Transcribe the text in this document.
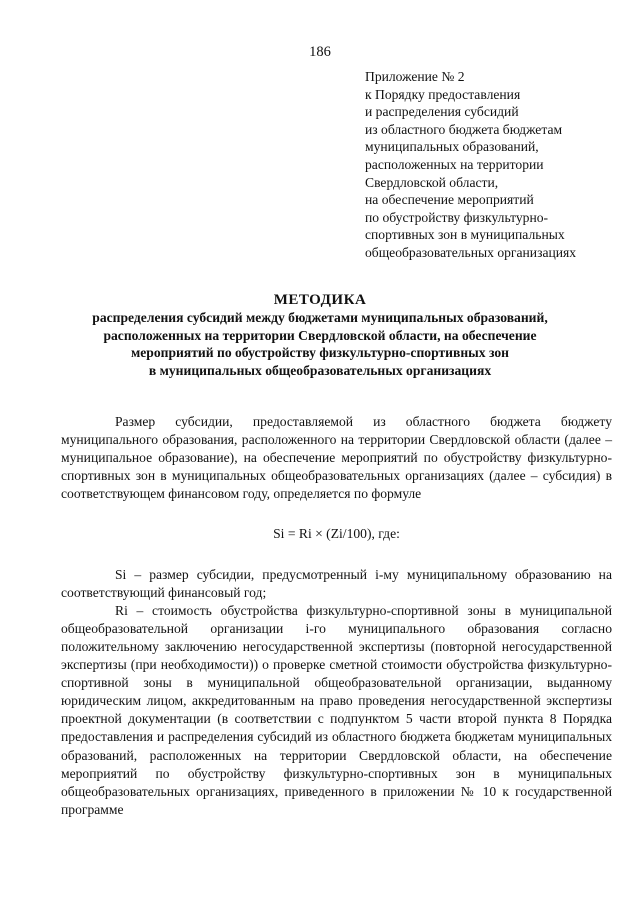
186
Приложение № 2
к Порядку предоставления
и распределения субсидий
из областного бюджета бюджетам
муниципальных образований,
расположенных на территории
Свердловской области,
на обеспечение мероприятий
по обустройству физкультурно-
спортивных зон в муниципальных
общеобразовательных организациях
МЕТОДИКА
распределения субсидий между бюджетами муниципальных образований,
расположенных на территории Свердловской области, на обеспечение
мероприятий по обустройству физкультурно-спортивных зон
в муниципальных общеобразовательных организациях

Размер субсидии, предоставляемой из областного бюджета бюджету муниципального образования, расположенного на территории Свердловской области (далее – муниципальное образование), на обеспечение мероприятий по обустройству физкультурно-спортивных зон в муниципальных общеобразовательных организациях (далее – субсидия) в соответствующем финансовом году, определяется по формуле

Si = Ri × (Zi/100), где:

Si – размер субсидии, предусмотренный i-му муниципальному образованию на соответствующий финансовый год;

Ri – стоимость обустройства физкультурно-спортивной зоны в муниципальной общеобразовательной организации i-го муниципального образования согласно положительному заключению негосударственной экспертизы (повторной негосударственной экспертизы (при необходимости)) о проверке сметной стоимости обустройства физкультурно-спортивной зоны в муниципальной общеобразовательной организации, выданному юридическим лицом, аккредитованным на право проведения негосударственной экспертизы проектной документации (в соответствии с подпунктом 5 части второй пункта 8 Порядка предоставления и распределения субсидий из областного бюджета бюджетам муниципальных образований, расположенных на территории Свердловской области, на обеспечение мероприятий по обустройству физкультурно-спортивных зон в муниципальных общеобразовательных организациях, приведенного в приложении № 10 к государственной программе
